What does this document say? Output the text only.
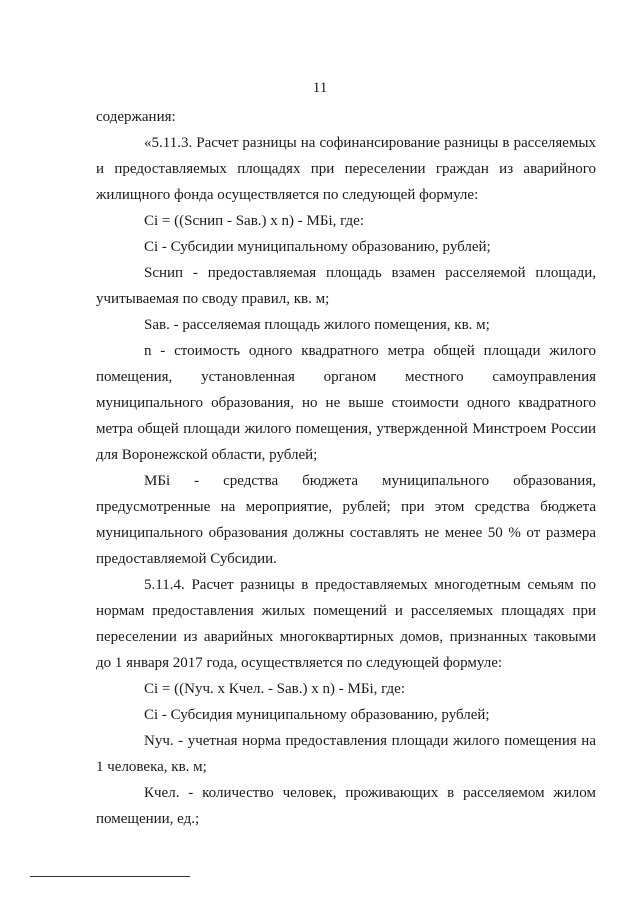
11

содержания:

«5.11.3. Расчет разницы на софинансирование разницы в расселяемых и предоставляемых площадях при переселении граждан из аварийного жилищного фонда осуществляется по следующей формуле:

Ci = ((Sснип - Sав.) х n) - МБi, где:

Ci - Субсидии муниципальному образованию, рублей;

Sснип - предоставляемая площадь взамен расселяемой площади, учитываемая по своду правил, кв. м;

Sав. - расселяемая площадь жилого помещения, кв. м;

n - стоимость одного квадратного метра общей площади жилого помещения, установленная органом местного самоуправления муниципального образования, но не выше стоимости одного квадратного метра общей площади жилого помещения, утвержденной Минстроем России для Воронежской области, рублей;

МБi - средства бюджета муниципального образования, предусмотренные на мероприятие, рублей; при этом средства бюджета муниципального образования должны составлять не менее 50 % от размера предоставляемой Субсидии.

5.11.4. Расчет разницы в предоставляемых многодетным семьям по нормам предоставления жилых помещений и расселяемых площадях при переселении из аварийных многоквартирных домов, признанных таковыми до 1 января 2017 года, осуществляется по следующей формуле:

Ci = ((Nуч. х Кчел. - Sав.) х n) - МБi, где:

Ci - Субсидия муниципальному образованию, рублей;

Nуч. - учетная норма предоставления площади жилого помещения на 1 человека, кв. м;

Кчел. - количество человек, проживающих в расселяемом жилом помещении, ед.;
